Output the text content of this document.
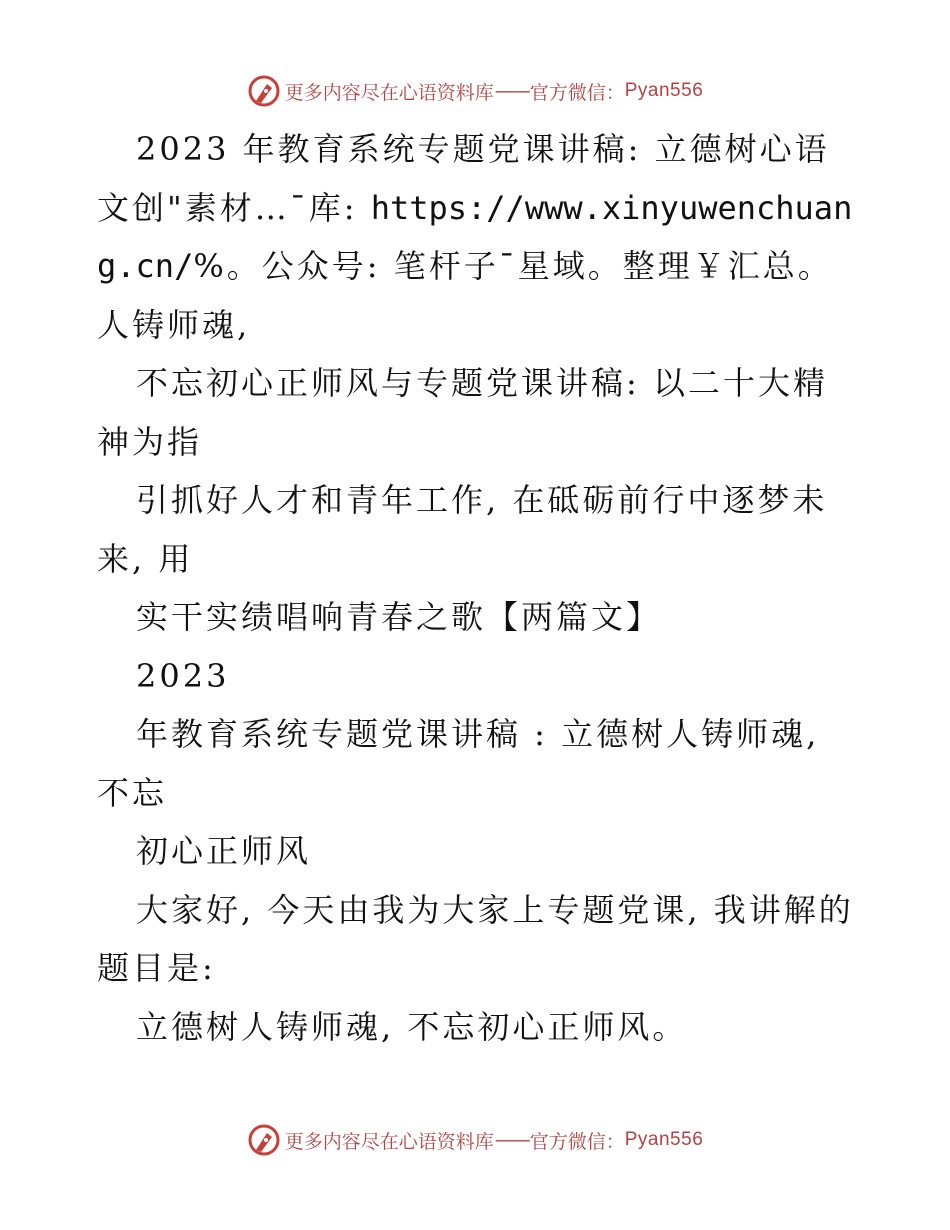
更多内容尽在心语资料库 —— 官方微信： Pyan556

2023 年教育系统专题党课讲稿: 立德树心语文创"素材…¯库: https://www.xinyuwenchuang.cn/%。公众号: 笔杆子¯星域。整理￥汇总。人铸师魂,

不忘初心正师风与专题党课讲稿: 以二十大精神为指

引抓好人才和青年工作, 在砥砺前行中逐梦未来, 用

实干实绩唱响青春之歌【两篇文】

2023

年教育系统专题党课讲稿 : 立德树人铸师魂, 不忘

初心正师风

大家好, 今天由我为大家上专题党课, 我讲解的题目是:

立德树人铸师魂, 不忘初心正师风。

更多内容尽在心语资料库 —— 官方微信： Pyan556
